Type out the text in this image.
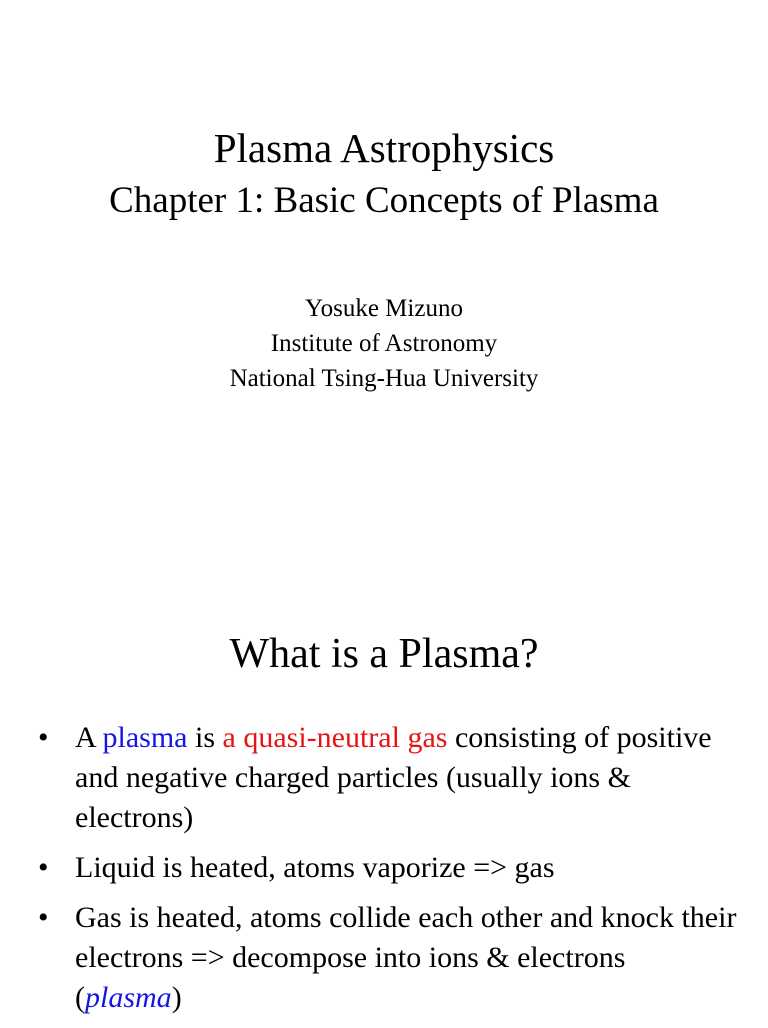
Plasma Astrophysics
Chapter 1: Basic Concepts of Plasma
Yosuke Mizuno
Institute of Astronomy
National Tsing-Hua University
What is a Plasma?
• A plasma is a quasi-neutral gas consisting of positive and negative charged particles (usually ions & electrons)
• Liquid is heated, atoms vaporize => gas
• Gas is heated, atoms collide each other and knock their electrons => decompose into ions & electrons (plasma)
